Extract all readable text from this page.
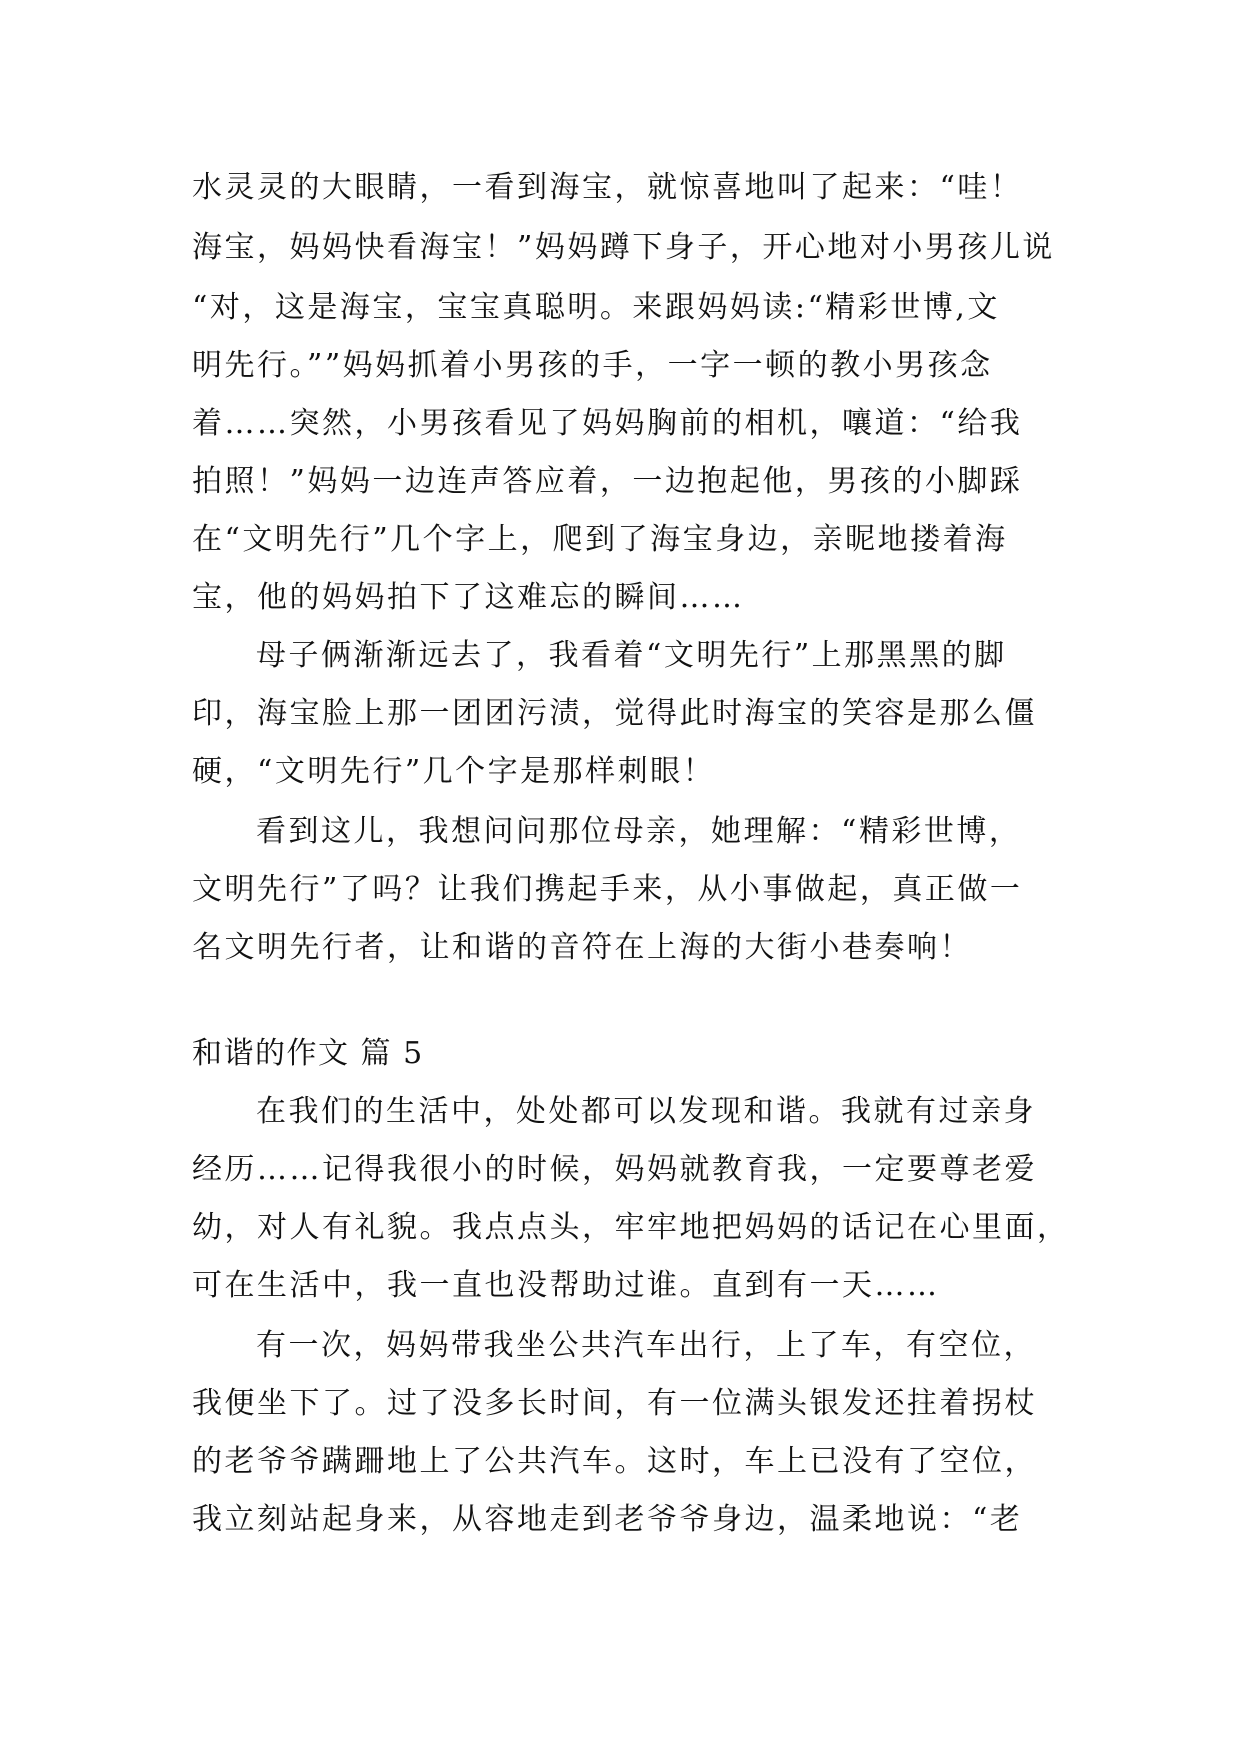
水灵灵的大眼睛，一看到海宝，就惊喜地叫了起来：“哇！
海宝，妈妈快看海宝！”妈妈蹲下身子，开心地对小男孩儿说
“对，这是海宝，宝宝真聪明。来跟妈妈读:“精彩世博,文
明先行。””妈妈抓着小男孩的手，一字一顿的教小男孩念
着……突然，小男孩看见了妈妈胸前的相机，嚷道：“给我
拍照！”妈妈一边连声答应着，一边抱起他，男孩的小脚踩
在“文明先行”几个字上，爬到了海宝身边，亲昵地搂着海
宝，他的妈妈拍下了这难忘的瞬间……
母子俩渐渐远去了，我看着“文明先行”上那黑黑的脚
印，海宝脸上那一团团污渍，觉得此时海宝的笑容是那么僵
硬，“文明先行”几个字是那样刺眼！
看到这儿，我想问问那位母亲，她理解：“精彩世博，
文明先行”了吗？让我们携起手来，从小事做起，真正做一
名文明先行者，让和谐的音符在上海的大街小巷奏响！
和谐的作文 篇 5
在我们的生活中，处处都可以发现和谐。我就有过亲身
经历……记得我很小的时候，妈妈就教育我，一定要尊老爱
幼，对人有礼貌。我点点头，牢牢地把妈妈的话记在心里面，
可在生活中，我一直也没帮助过谁。直到有一天……
有一次，妈妈带我坐公共汽车出行，上了车，有空位，
我便坐下了。过了没多长时间，有一位满头银发还拄着拐杖
的老爷爷蹒跚地上了公共汽车。这时，车上已没有了空位，
我立刻站起身来，从容地走到老爷爷身边，温柔地说：“老
